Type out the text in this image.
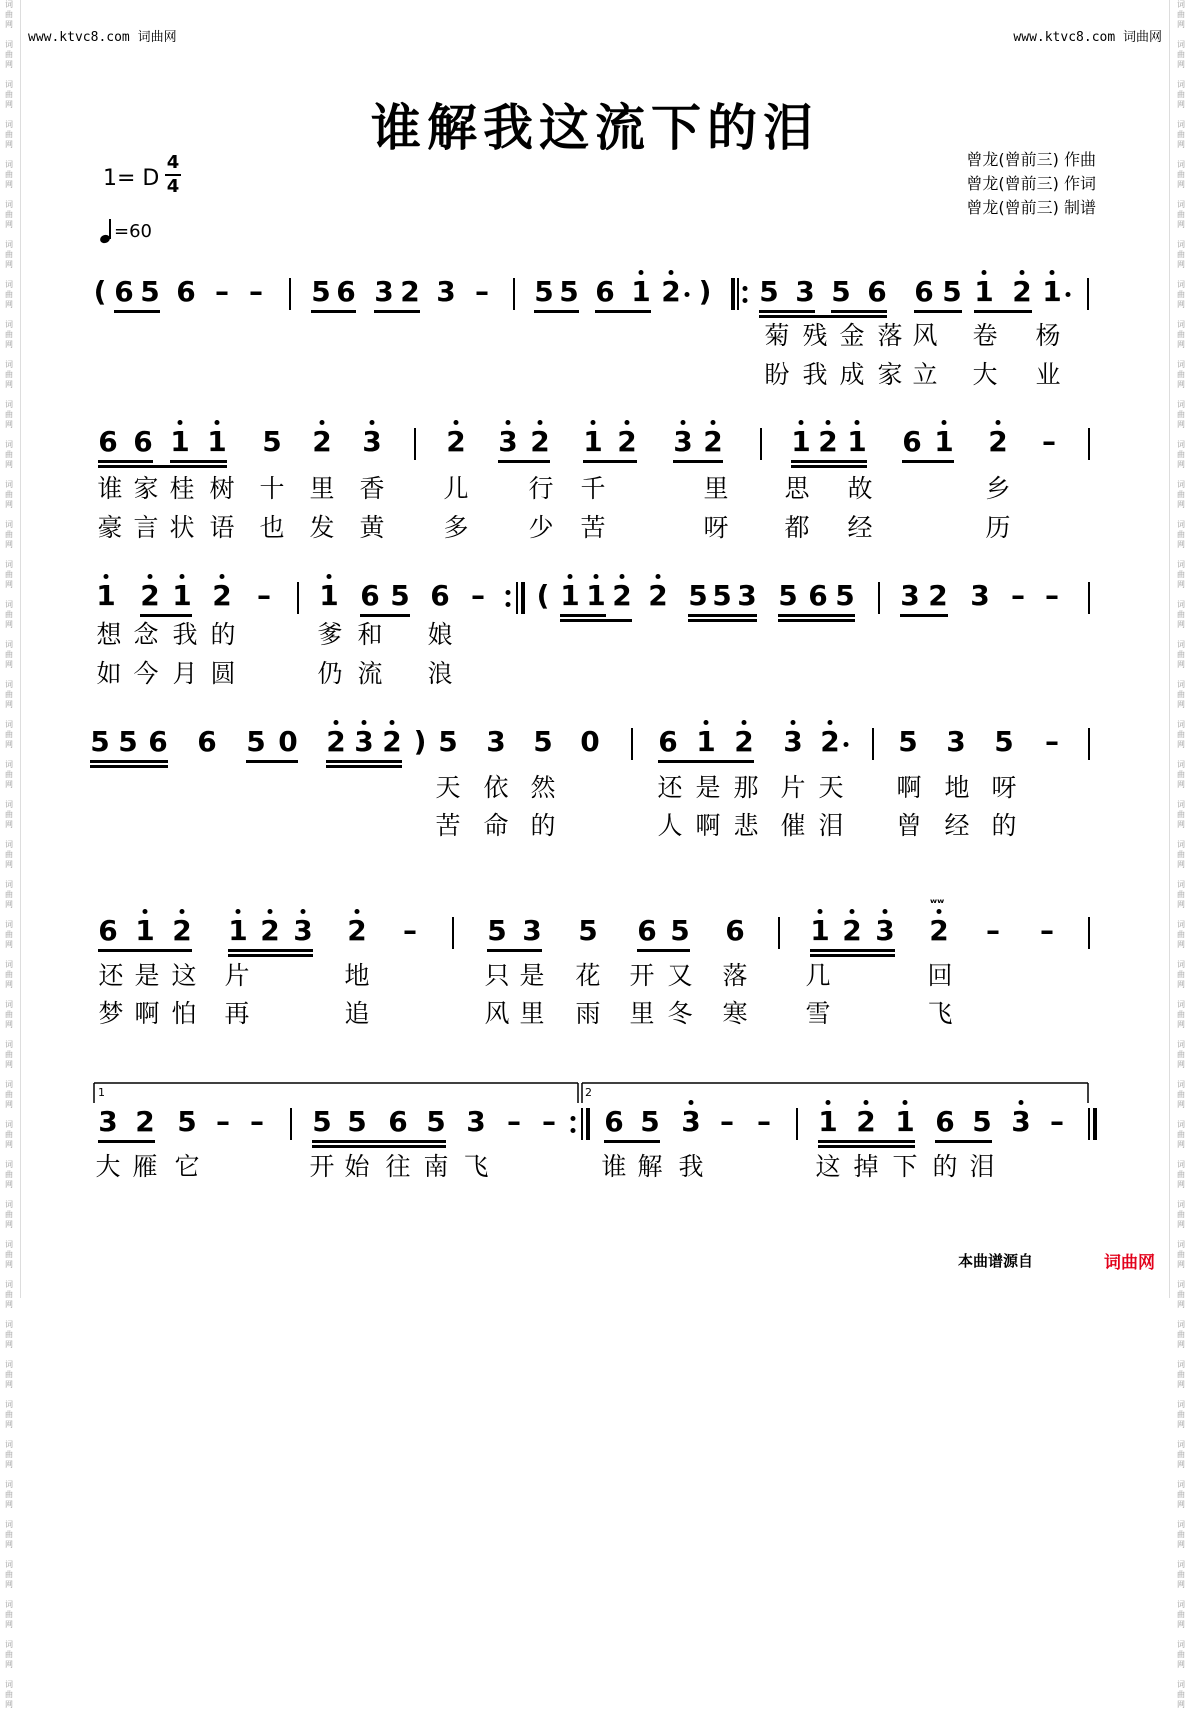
词
曲
网

词
曲
网

词
曲
网

词
曲
网

词
曲
网

词
曲
网

词
曲
网

词
曲
网

词
曲
网

词
曲
网

词
曲
网

词
曲
网

词
曲
网

词
曲
网

词
曲
网

词
曲
网

词
曲
网

词
曲
网

词
曲
网

词
曲
网

词
曲
网

词
曲
网

词
曲
网

词
曲
网

词
曲
网

词
曲
网

词
曲
网

词
曲
网

词
曲
网

词
曲
网

词
曲
网

词
曲
网

词
曲
网

词
曲
网

词
曲
网

词
曲
网

词
曲
网

词
曲
网

词
曲
网

词
曲
网

词
曲
网

词
曲
网

词
曲
网

词
曲
网

词
曲
网

词
曲
网

词
曲
网

词
曲
网

词
曲
网

词
曲
网

词
曲
网

词
曲
网

词
曲
网

词
曲
网

词
曲
网

词
曲
网

词
曲
网

词
曲
网

词
曲
网

词
曲
网

词
曲
网

词
曲
网

词
曲
网

词
曲
网

词
曲
网

词
曲
网

词
曲
网

词
曲
网

词
曲
网

词
曲
网

词
曲
网

词
曲
网

词
曲
网

词
曲
网

词
曲
网

词
曲
网

词
曲
网

词
曲
网

词
曲
网

词
曲
网

词
曲
网

词
曲
网

词
曲
网

词
曲
网

词
曲
网

词
曲
网

www.ktvc8.com 词曲网	www.ktvc8.com 词曲网
谁解我这流下的泪
1= D
4
4
=60
曾龙(曾前三) 作曲
曾龙(曾前三) 作词
曾龙(曾前三) 制谱
( 6 5 6 – – 5 6 3 2 3 – 5 5 6 1 2 ) 5 3 5 6 6 5 1 2 1
菊 残 金 落 风 卷 杨
盼 我 成 家 立 大 业
6 6 1 1 5 2 3 2 3 2 1 2 3 2 1 2 1 6 1 2 –
谁 家 桂 树 十 里 香 儿 行 千	里 思 故	乡
豪 言 状 语 也 发 黄 多 少 苦	呀 都 经	历
1 2 1 2 – 1 6 5 6 – ( 1 1 2 2 5 5 3 5 6 5 3 2 3 – –
想 念 我 的	爹 和 娘
如 今 月 圆	仍 流 浪
5 5 6 6 5 0 2 3 2 ) 5 3 5 0 6 1 2 3 2 5 3 5 –
天 依 然	还 是 那 片 天 啊 地 呀
苦 命 的	人 啊 悲 催 泪 曾 经 的
6 1 2 1 2 3 2 –	5 3 5 6 5 6 1 2 3 2 – –
还 是 这 片	地	只 是 花 开 又 落 几	回
梦 啊 怕 再	追	风 里 雨 里 冬 寒 雪	飞
3 2 5 – – 5 5 6 5 3 – – 6 5 3 – – 1 2 1 6 5 3 –
大 雁 它	开 始 往 南 飞	谁 解 我	这 掉 下 的 泪
ʷʷ
1	2
本曲谱源自	词曲网
